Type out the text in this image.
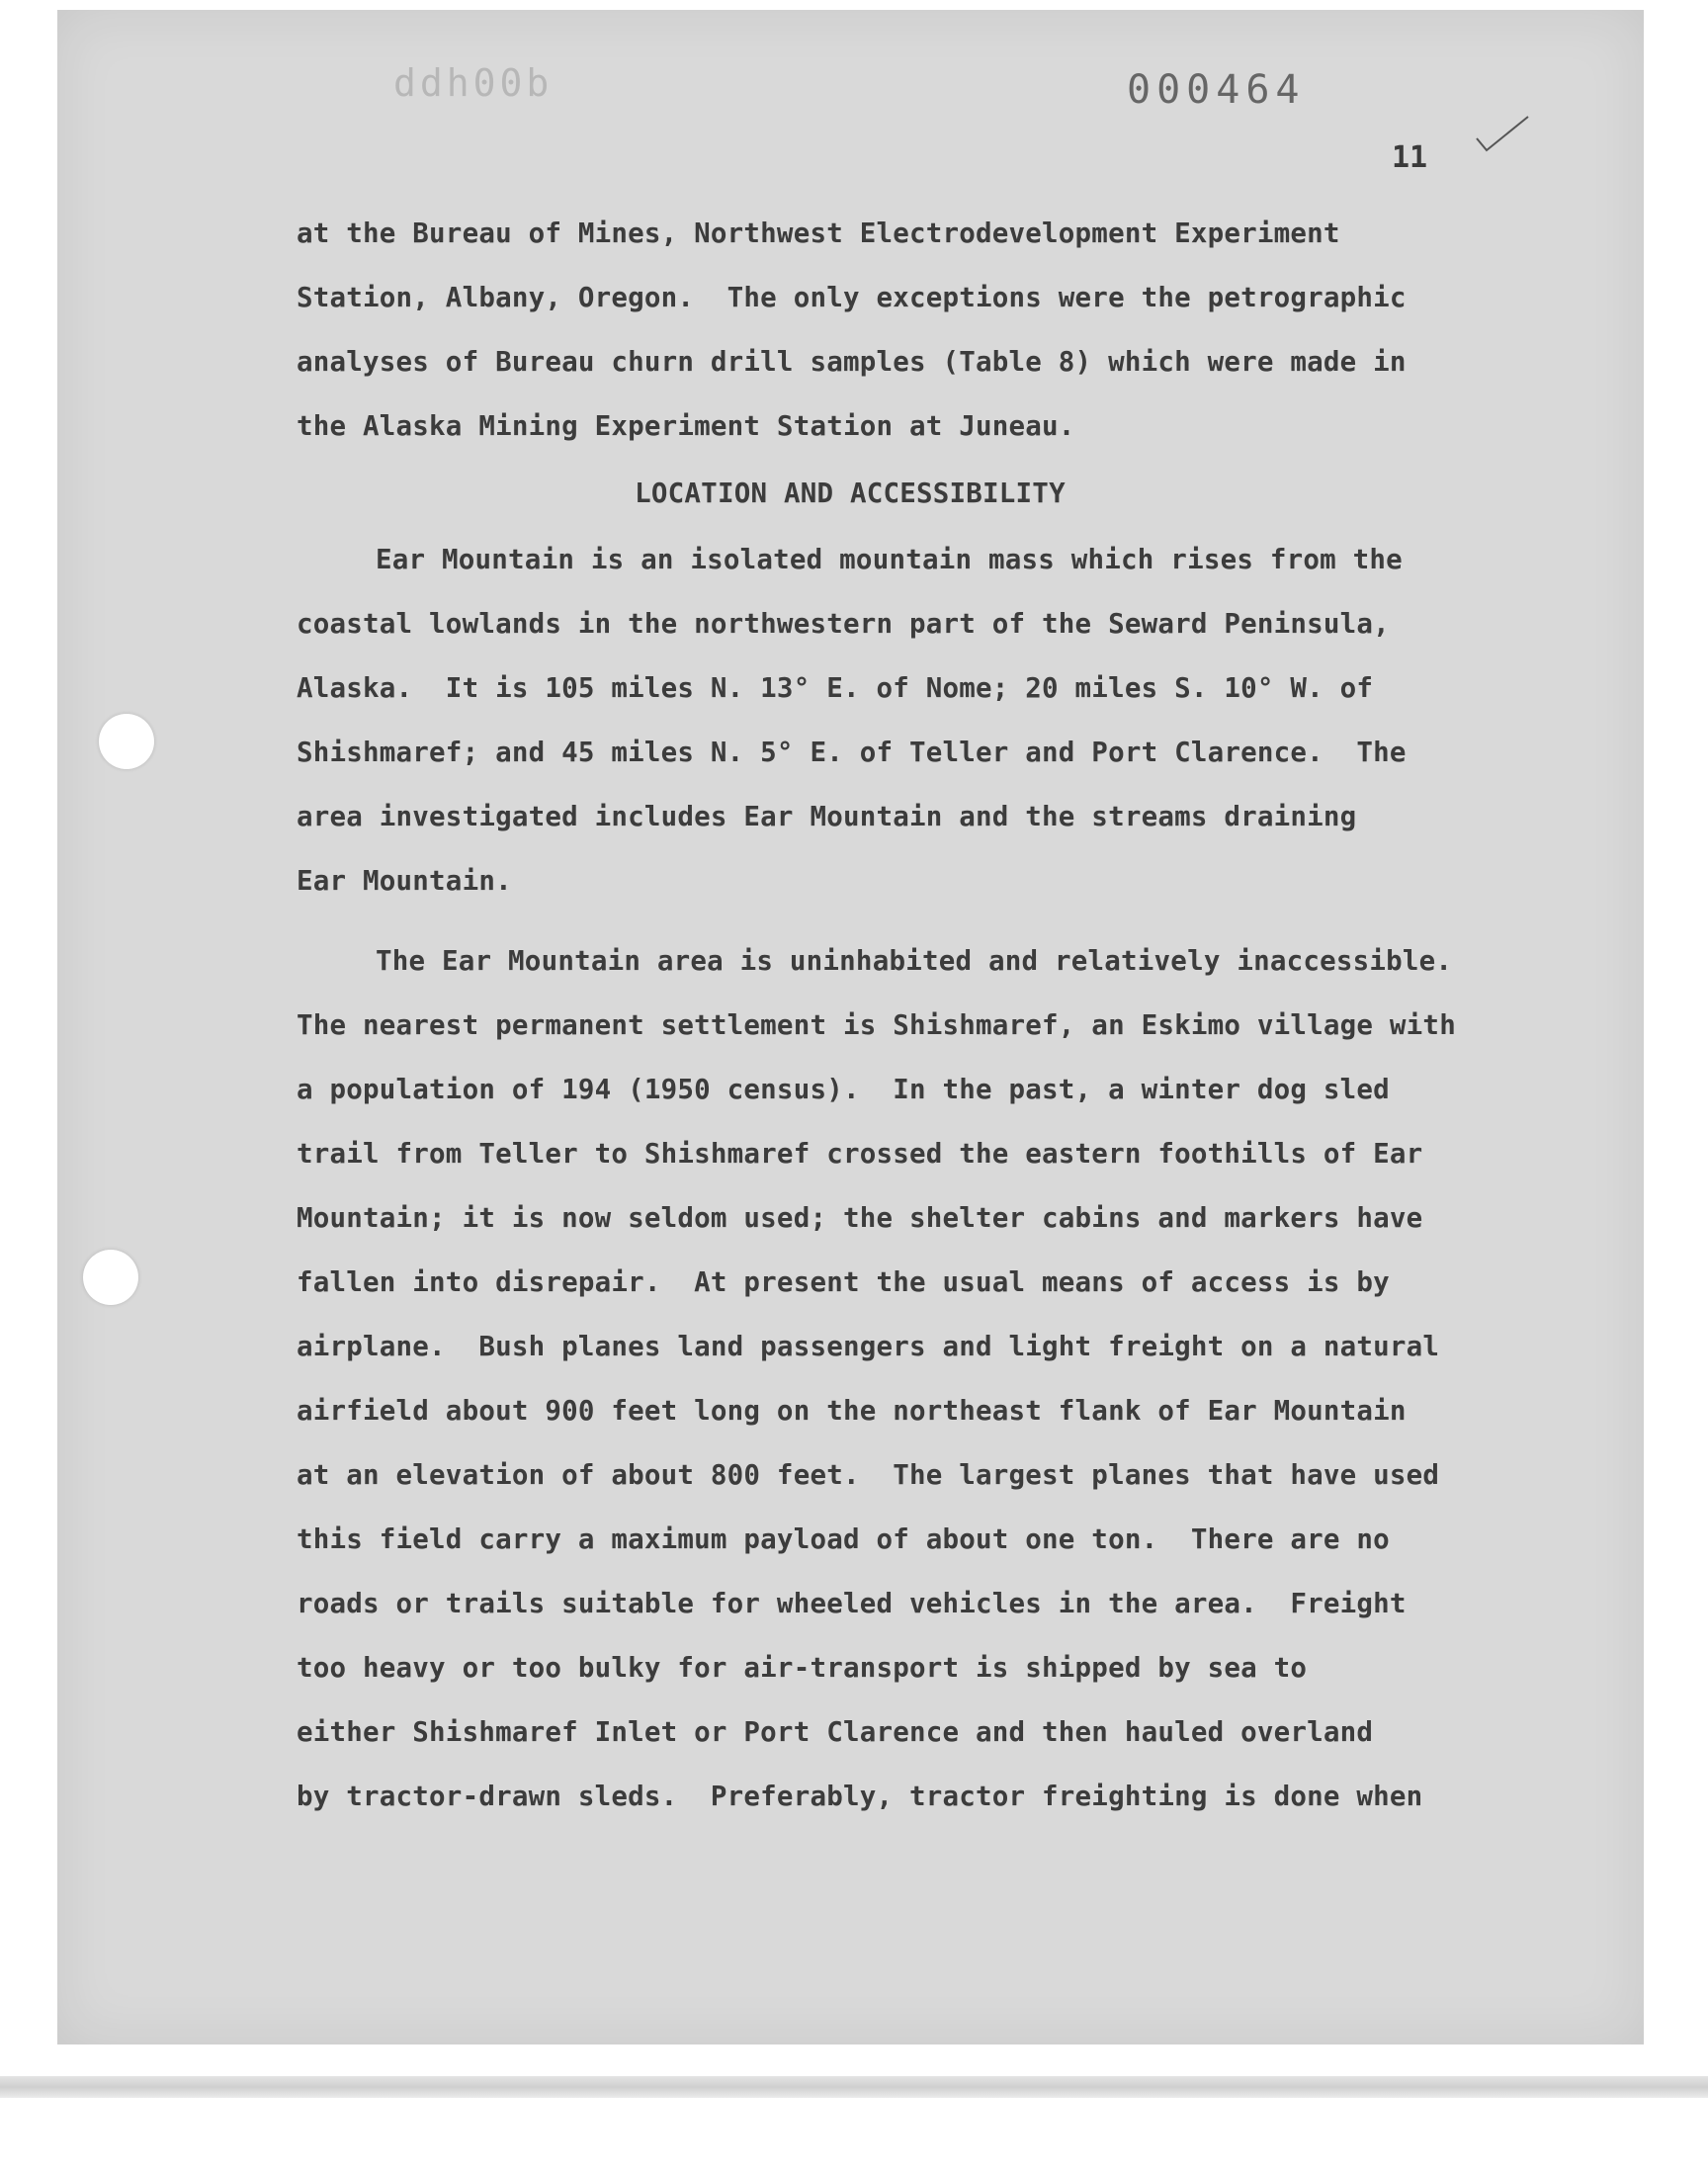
ddh00b	000464
11
at the Bureau of Mines, Northwest Electrodevelopment Experiment
Station, Albany, Oregon.  The only exceptions were the petrographic
analyses of Bureau churn drill samples (Table 8) which were made in
the Alaska Mining Experiment Station at Juneau.
LOCATION AND ACCESSIBILITY
Ear Mountain is an isolated mountain mass which rises from the
coastal lowlands in the northwestern part of the Seward Peninsula,
Alaska.  It is 105 miles N. 13° E. of Nome; 20 miles S. 10° W. of
Shishmaref; and 45 miles N. 5° E. of Teller and Port Clarence.  The
area investigated includes Ear Mountain and the streams draining
Ear Mountain.
The Ear Mountain area is uninhabited and relatively inaccessible.
The nearest permanent settlement is Shishmaref, an Eskimo village with
a population of 194 (1950 census).  In the past, a winter dog sled
trail from Teller to Shishmaref crossed the eastern foothills of Ear
Mountain; it is now seldom used; the shelter cabins and markers have
fallen into disrepair.  At present the usual means of access is by
airplane.  Bush planes land passengers and light freight on a natural
airfield about 900 feet long on the northeast flank of Ear Mountain
at an elevation of about 800 feet.  The largest planes that have used
this field carry a maximum payload of about one ton.  There are no
roads or trails suitable for wheeled vehicles in the area.  Freight
too heavy or too bulky for air-transport is shipped by sea to
either Shishmaref Inlet or Port Clarence and then hauled overland
by tractor-drawn sleds.  Preferably, tractor freighting is done when
